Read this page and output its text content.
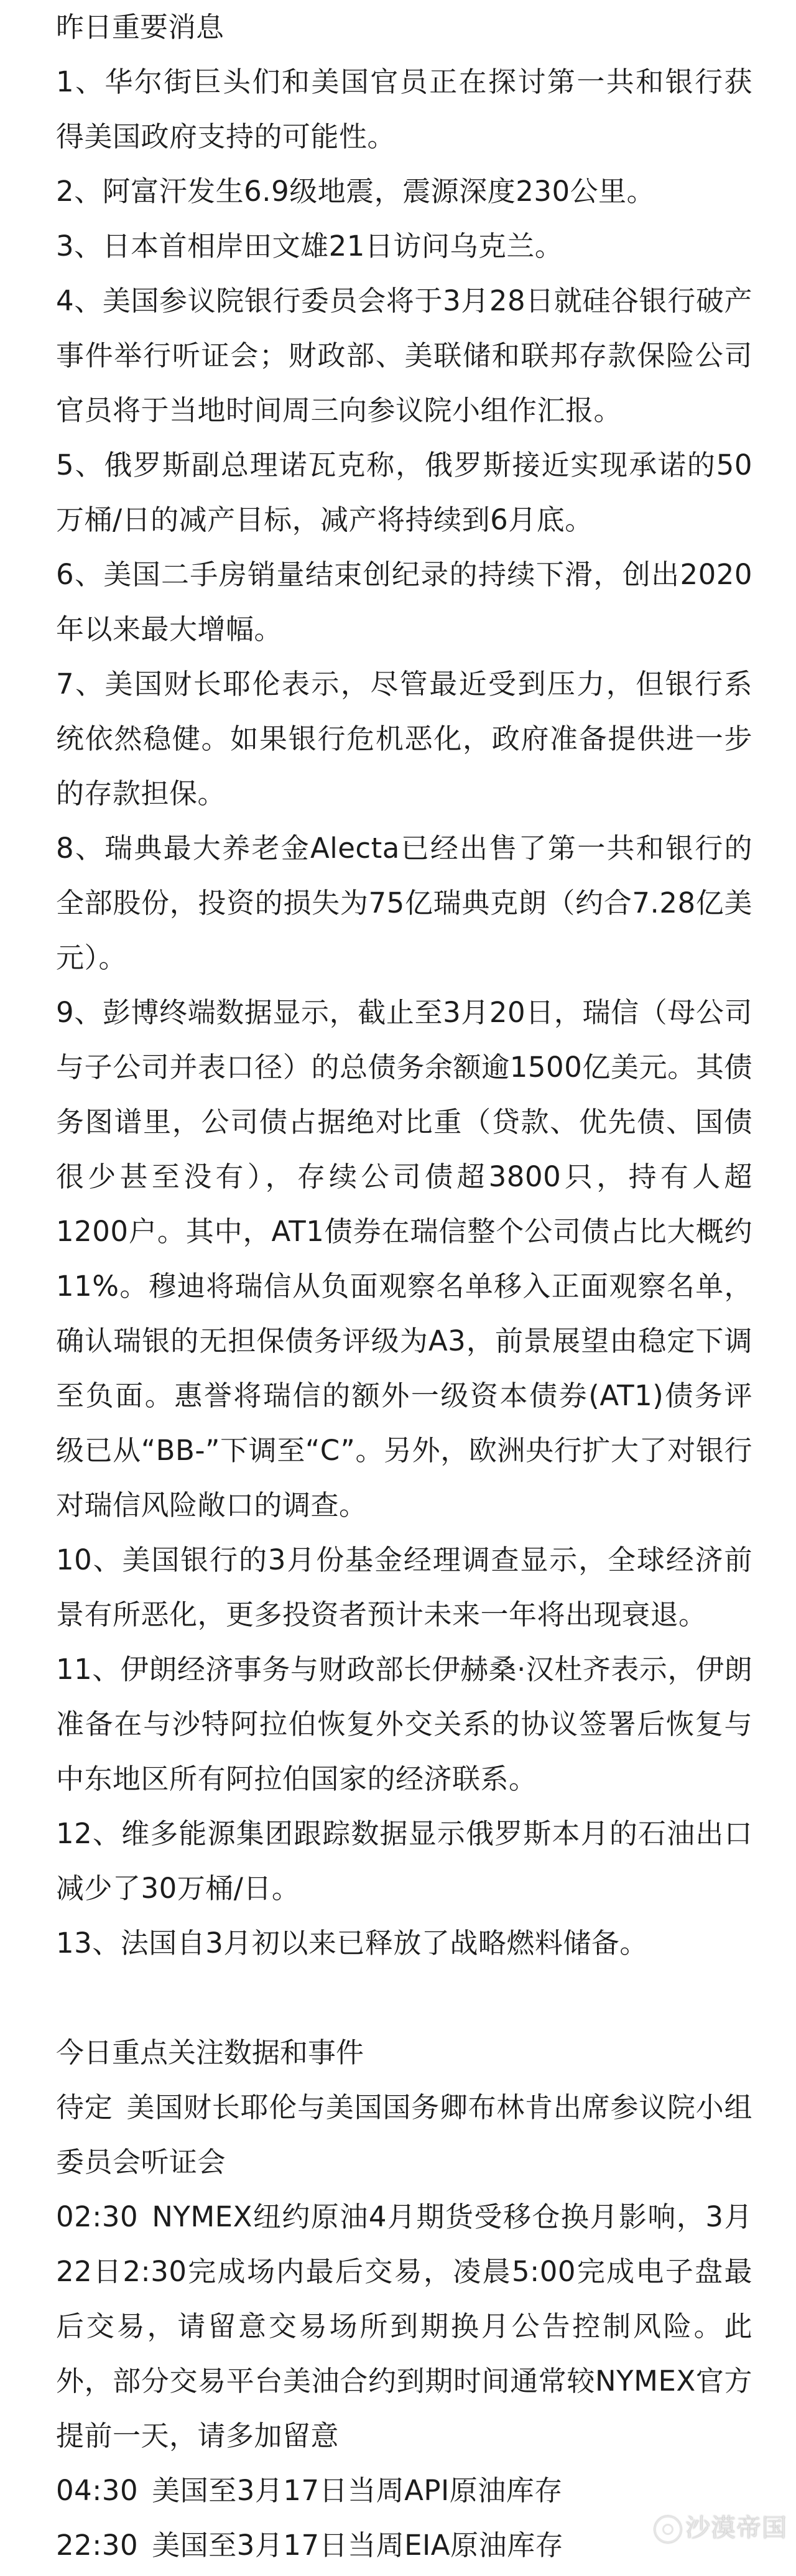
昨日重要消息

1、华尔街巨头们和美国官员正在探讨第一共和银行获得美国政府支持的可能性。

2、阿富汗发生6.9级地震，震源深度230公里。

3、日本首相岸田文雄21日访问乌克兰。

4、美国参议院银行委员会将于3月28日就硅谷银行破产事件举行听证会；财政部、美联储和联邦存款保险公司官员将于当地时间周三向参议院小组作汇报。

5、俄罗斯副总理诺瓦克称，俄罗斯接近实现承诺的50万桶/日的减产目标，减产将持续到6月底。

6、美国二手房销量结束创纪录的持续下滑，创出2020年以来最大增幅。

7、美国财长耶伦表示，尽管最近受到压力，但银行系统依然稳健。如果银行危机恶化，政府准备提供进一步的存款担保。

8、瑞典最大养老金Alecta已经出售了第一共和银行的全部股份，投资的损失为75亿瑞典克朗（约合7.28亿美元）。

9、彭博终端数据显示，截止至3月20日，瑞信（母公司与子公司并表口径）的总债务余额逾1500亿美元。其债务图谱里，公司债占据绝对比重（贷款、优先债、国债很少甚至没有），存续公司债超3800只，持有人超1200户。其中，AT1债券在瑞信整个公司债占比大概约11%。穆迪将瑞信从负面观察名单移入正面观察名单，确认瑞银的无担保债务评级为A3，前景展望由稳定下调至负面。惠誉将瑞信的额外一级资本债券(AT1)债务评级已从“BB-”下调至“C”。另外，欧洲央行扩大了对银行对瑞信风险敞口的调查。

10、美国银行的3月份基金经理调查显示，全球经济前景有所恶化，更多投资者预计未来一年将出现衰退。

11、伊朗经济事务与财政部长伊赫桑·汉杜齐表示，伊朗准备在与沙特阿拉伯恢复外交关系的协议签署后恢复与中东地区所有阿拉伯国家的经济联系。

12、维多能源集团跟踪数据显示俄罗斯本月的石油出口减少了30万桶/日。

13、法国自3月初以来已释放了战略燃料储备。

今日重点关注数据和事件

待定 美国财长耶伦与美国国务卿布林肯出席参议院小组委员会听证会

02:30 NYMEX纽约原油4月期货受移仓换月影响，3月22日2:30完成场内最后交易，凌晨5:00完成电子盘最后交易，请留意交易场所到期换月公告控制风险。此外，部分交易平台美油合约到期时间通常较NYMEX官方提前一天，请多加留意

04:30 美国至3月17日当周API原油库存

22:30 美国至3月17日当周EIA原油库存

沙漠帝国
